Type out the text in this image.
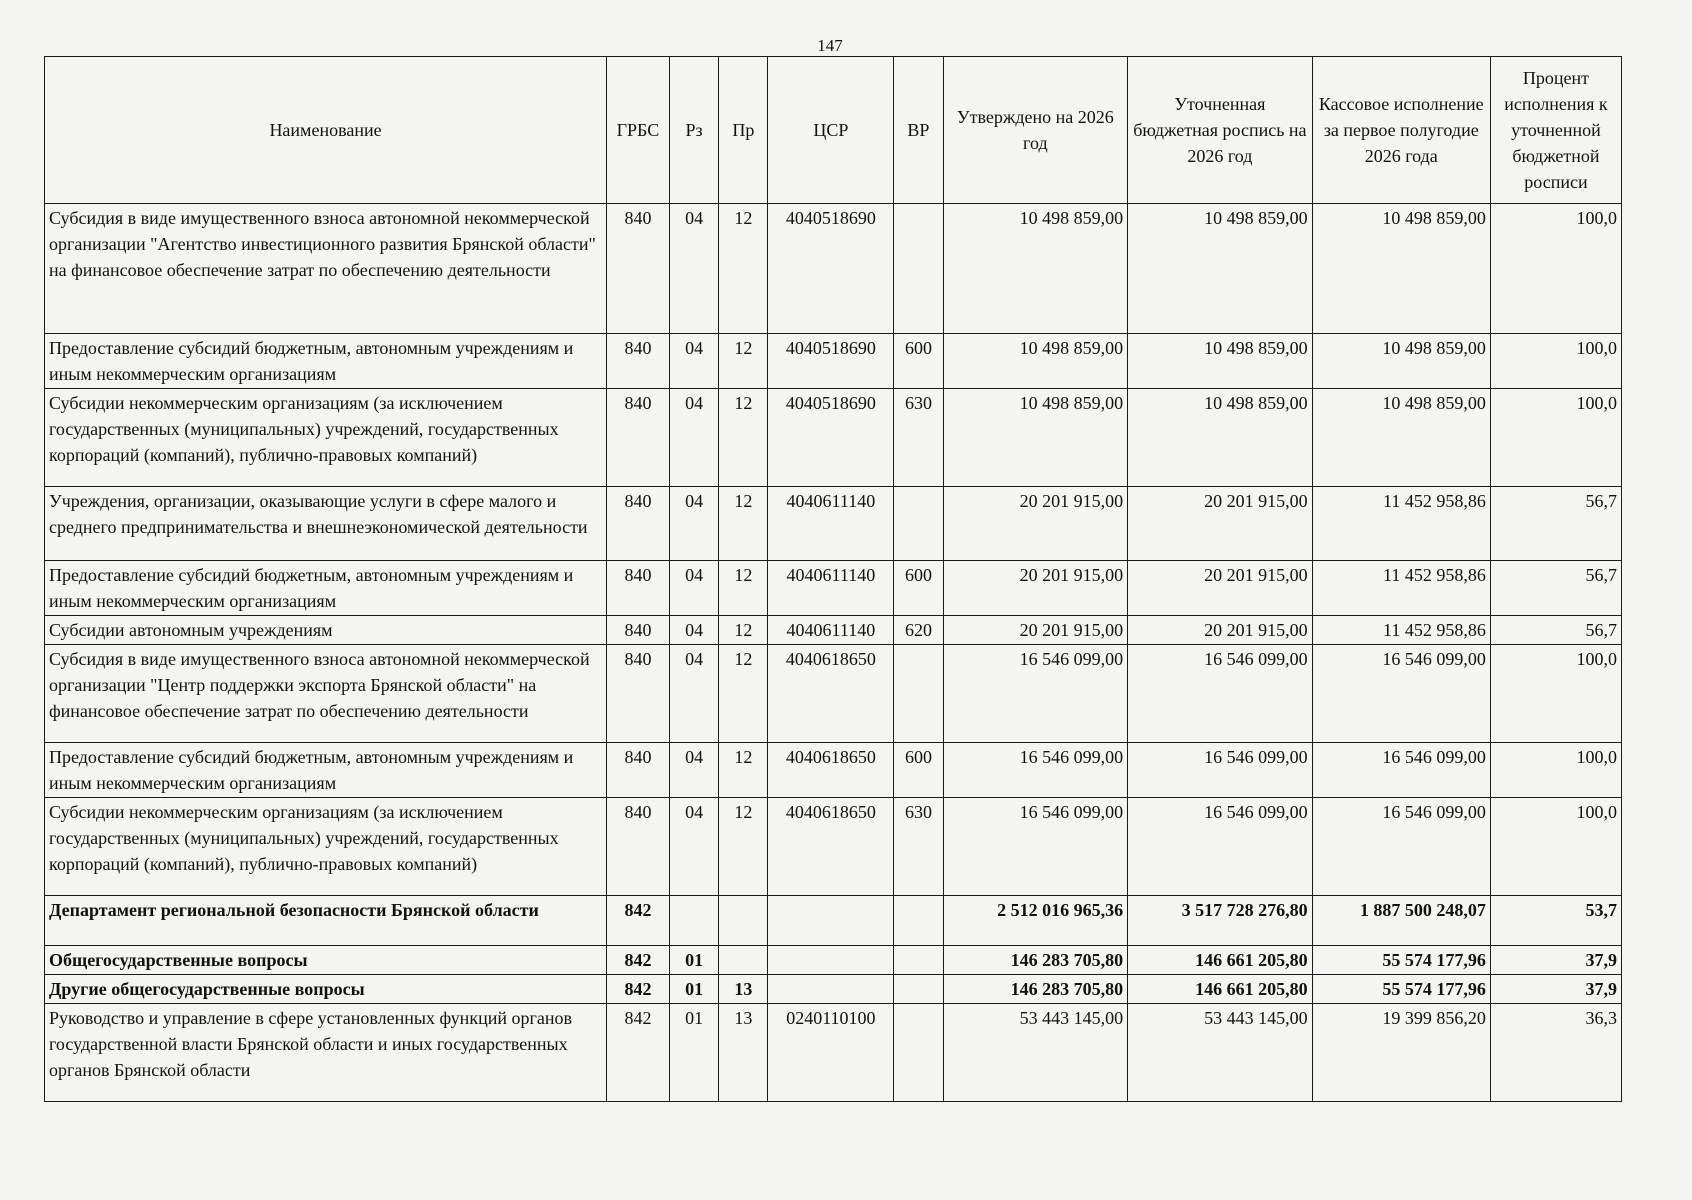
147
Наименование	ГРБС	Рз	Пр	ЦСР	ВР	Утверждено на 2026 год	Уточненная бюджетная роспись на 2026 год	Кассовое исполнение за первое полугодие 2026 года	Процент исполнения к уточненной бюджетной росписи
Субсидия в виде имущественного взноса автономной некоммерческой организации "Агентство инвестиционного развития Брянской области" на финансовое обеспечение затрат по обеспечению деятельности	840	04	12	4040518690		10 498 859,00	10 498 859,00	10 498 859,00	100,0
Предоставление субсидий бюджетным, автономным учреждениям и иным некоммерческим организациям	840	04	12	4040518690	600	10 498 859,00	10 498 859,00	10 498 859,00	100,0
Субсидии некоммерческим организациям (за исключением государственных (муниципальных) учреждений, государственных корпораций (компаний), публично-правовых компаний)	840	04	12	4040518690	630	10 498 859,00	10 498 859,00	10 498 859,00	100,0
Учреждения, организации, оказывающие услуги в сфере малого и среднего предпринимательства и внешнеэкономической деятельности	840	04	12	4040611140		20 201 915,00	20 201 915,00	11 452 958,86	56,7
Предоставление субсидий бюджетным, автономным учреждениям и иным некоммерческим организациям	840	04	12	4040611140	600	20 201 915,00	20 201 915,00	11 452 958,86	56,7
Субсидии автономным учреждениям	840	04	12	4040611140	620	20 201 915,00	20 201 915,00	11 452 958,86	56,7
Субсидия в виде имущественного взноса автономной некоммерческой организации "Центр поддержки экспорта Брянской области" на финансовое обеспечение затрат по обеспечению деятельности	840	04	12	4040618650		16 546 099,00	16 546 099,00	16 546 099,00	100,0
Предоставление субсидий бюджетным, автономным учреждениям и иным некоммерческим организациям	840	04	12	4040618650	600	16 546 099,00	16 546 099,00	16 546 099,00	100,0
Субсидии некоммерческим организациям (за исключением государственных (муниципальных) учреждений, государственных корпораций (компаний), публично-правовых компаний)	840	04	12	4040618650	630	16 546 099,00	16 546 099,00	16 546 099,00	100,0
Департамент региональной безопасности Брянской области	842					2 512 016 965,36	3 517 728 276,80	1 887 500 248,07	53,7
Общегосударственные вопросы	842	01				146 283 705,80	146 661 205,80	55 574 177,96	37,9
Другие общегосударственные вопросы	842	01	13			146 283 705,80	146 661 205,80	55 574 177,96	37,9
Руководство и управление в сфере установленных функций органов государственной власти Брянской области и иных государственных органов Брянской области	842	01	13	0240110100		53 443 145,00	53 443 145,00	19 399 856,20	36,3
